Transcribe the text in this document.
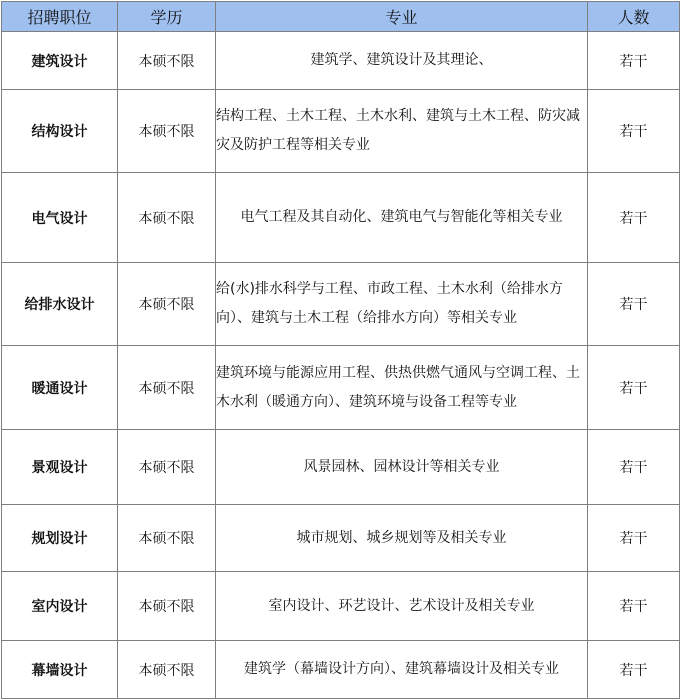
招聘职位	学历	专业	人数
建筑设计	本硕不限	建筑学、建筑设计及其理论、	若干
结构设计	本硕不限	结构工程、土木工程、土木水利、建筑与土木工程、防灾减灾及防护工程等相关专业	若干
电气设计	本硕不限	电气工程及其自动化、建筑电气与智能化等相关专业	若干
给排水设计	本硕不限	给(水)排水科学与工程、市政工程、土木水利（给排水方向）、建筑与土木工程（给排水方向）等相关专业	若干
暖通设计	本硕不限	建筑环境与能源应用工程、供热供燃气通风与空调工程、土木水利（暖通方向）、建筑环境与设备工程等专业	若干
景观设计	本硕不限	风景园林、园林设计等相关专业	若干
规划设计	本硕不限	城市规划、城乡规划等及相关专业	若干
室内设计	本硕不限	室内设计、环艺设计、艺术设计及相关专业	若干
幕墙设计	本硕不限	建筑学（幕墙设计方向）、建筑幕墙设计及相关专业	若干
